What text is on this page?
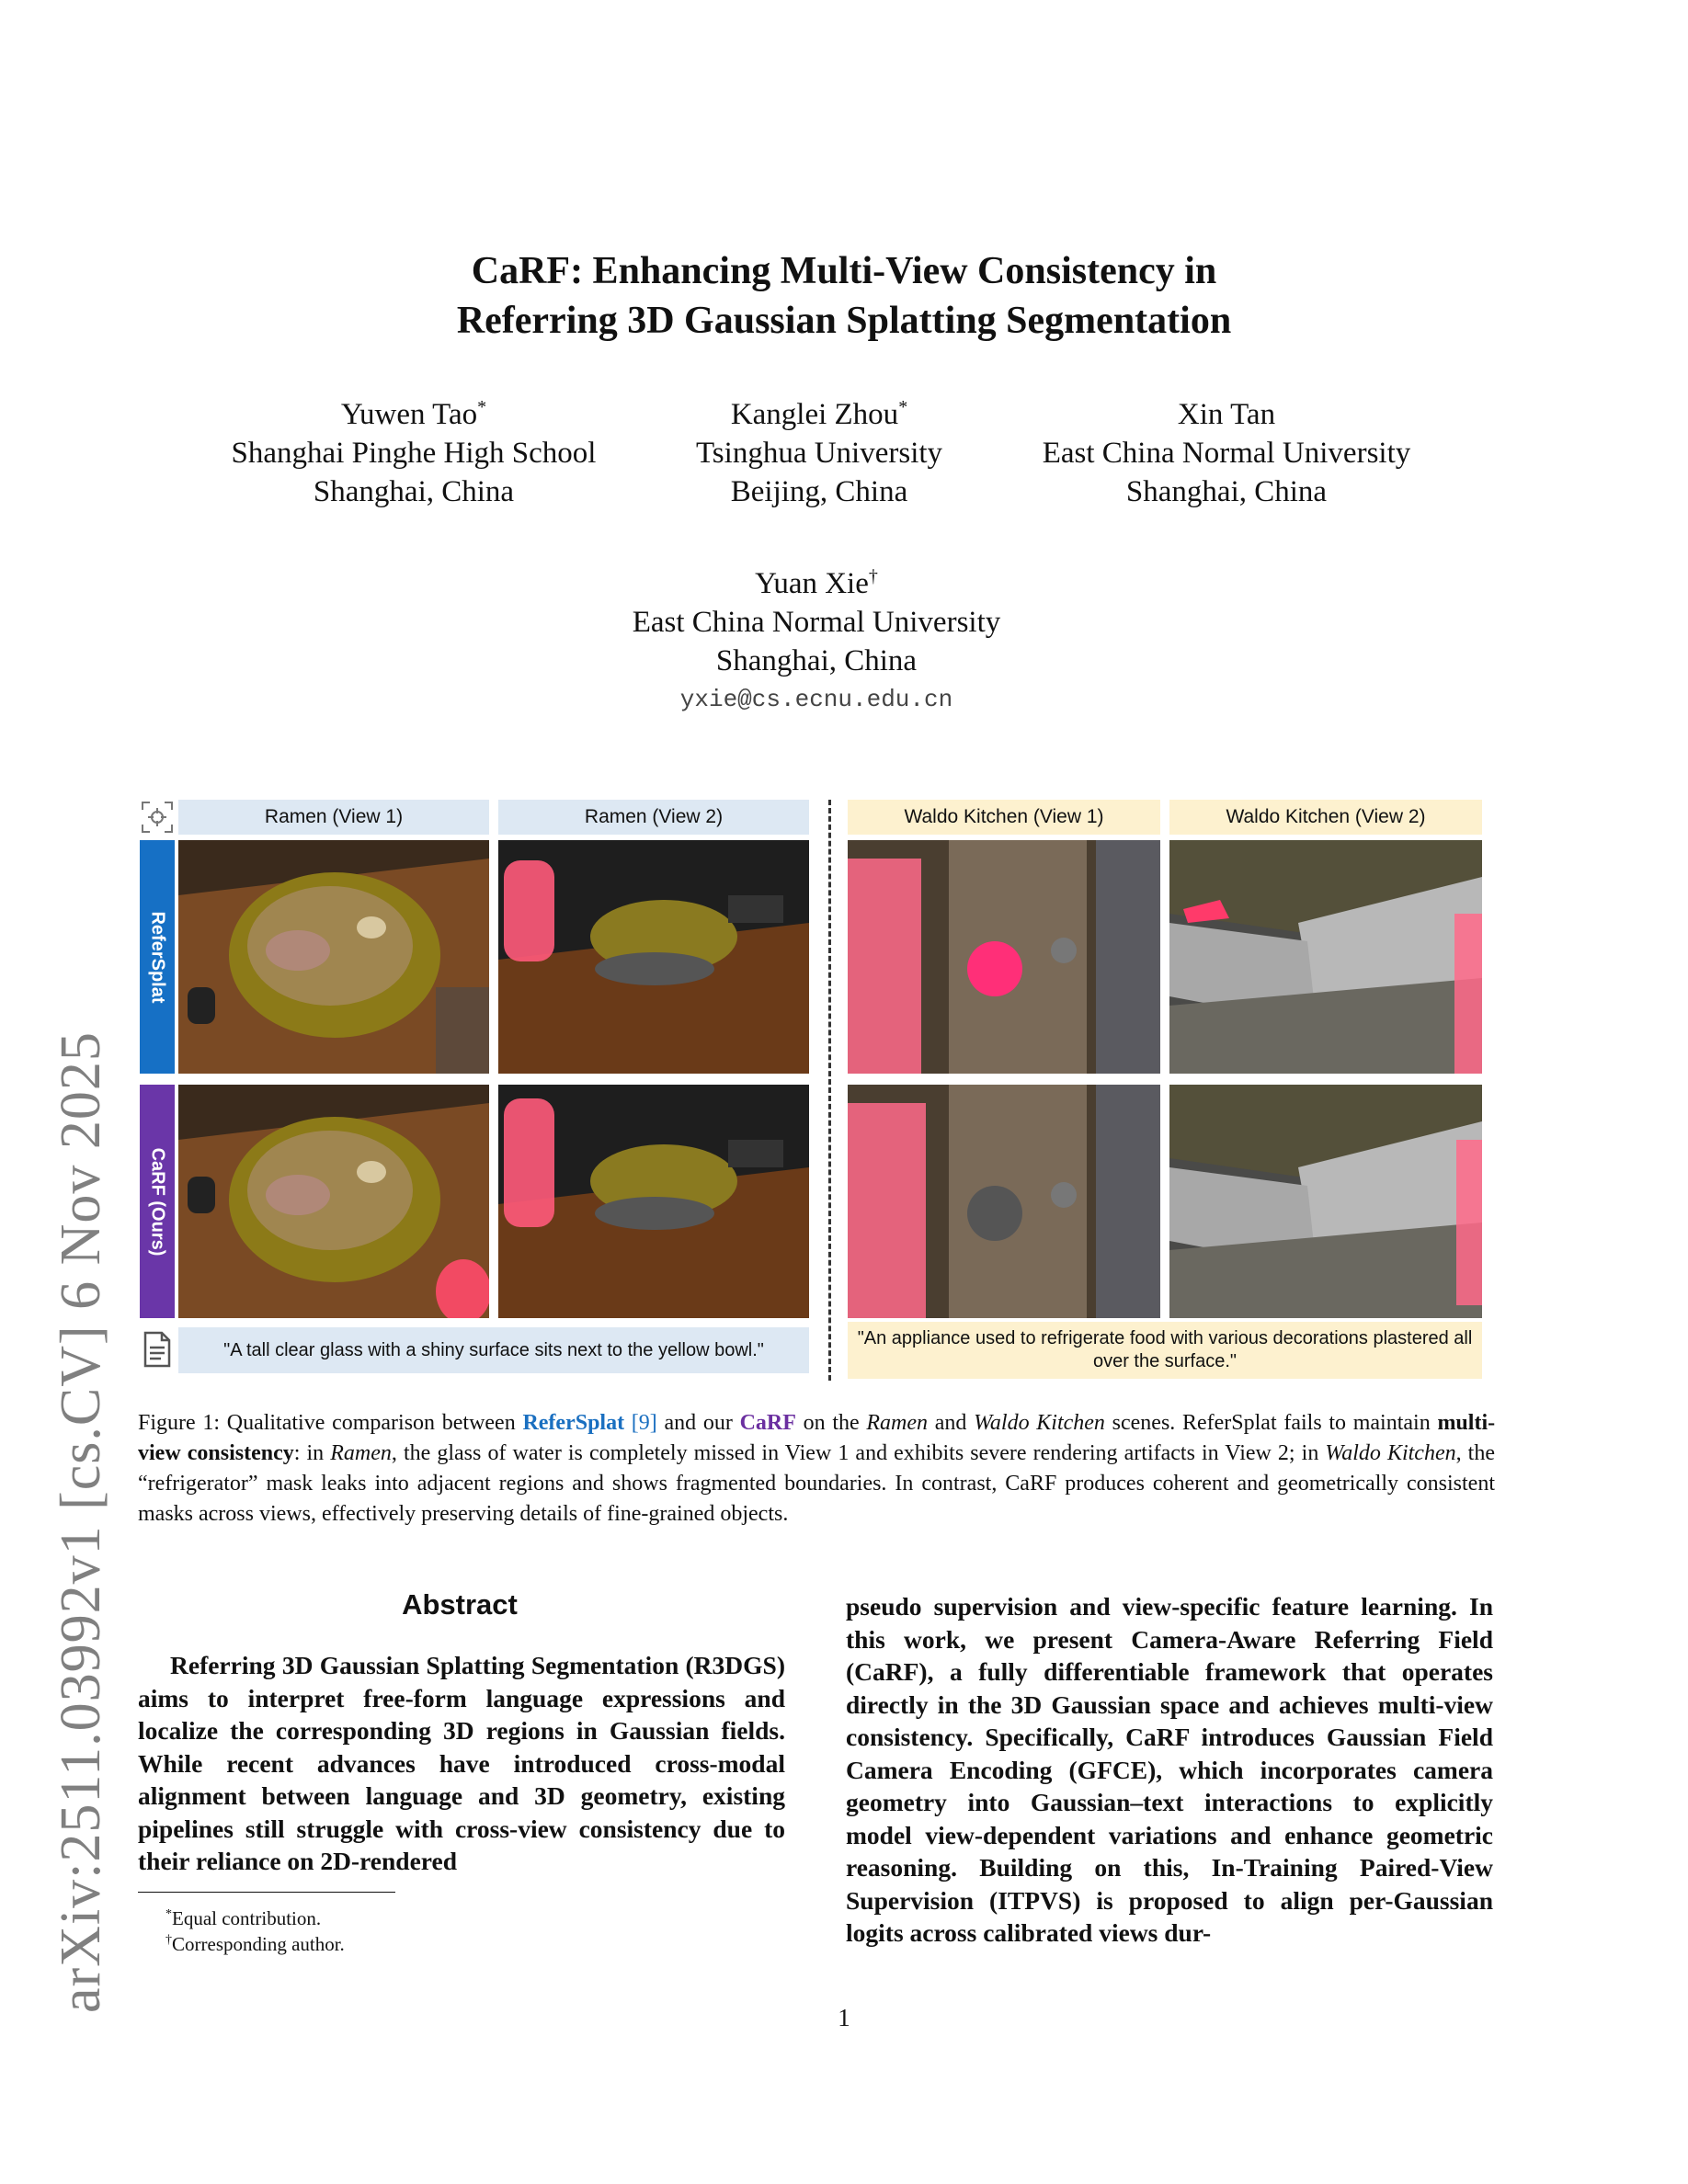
arXiv:2511.03992v1 [cs.CV] 6 Nov 2025
CaRF: Enhancing Multi-View Consistency in
Referring 3D Gaussian Splatting Segmentation
Yuwen Tao*
Shanghai Pinghe High School
Shanghai, China
Kanglei Zhou*
Tsinghua University
Beijing, China
Xin Tan
East China Normal University
Shanghai, China
Yuan Xie†
East China Normal University
Shanghai, China
yxie@cs.ecnu.edu.cn
Ramen (View 1)	Ramen (View 2)	Waldo Kitchen (View 1)	Waldo Kitchen (View 2)
ReferSplat
CaRF (Ours)
"A tall clear glass with a shiny surface sits next to the yellow bowl."
"An appliance used to refrigerate food with various decorations plastered all over the surface."
Figure 1: Qualitative comparison between ReferSplat [9] and our CaRF on the Ramen and Waldo Kitchen scenes. ReferSplat fails to maintain multi-view consistency: in Ramen, the glass of water is completely missed in View 1 and exhibits severe rendering artifacts in View 2; in Waldo Kitchen, the “refrigerator” mask leaks into adjacent regions and shows fragmented boundaries. In contrast, CaRF produces coherent and geometrically consistent masks across views, effectively preserving details of fine-grained objects.
Abstract
Referring 3D Gaussian Splatting Segmentation (R3DGS) aims to interpret free-form language expressions and localize the corresponding 3D regions in Gaussian fields. While recent advances have introduced cross-modal alignment between language and 3D geometry, existing pipelines still struggle with cross-view consistency due to their reliance on 2D-rendered
pseudo supervision and view-specific feature learning. In this work, we present Camera-Aware Referring Field (CaRF), a fully differentiable framework that operates directly in the 3D Gaussian space and achieves multi-view consistency. Specifically, CaRF introduces Gaussian Field Camera Encoding (GFCE), which incorporates camera geometry into Gaussian–text interactions to explicitly model view-dependent variations and enhance geometric reasoning. Building on this, In-Training Paired-View Supervision (ITPVS) is proposed to align per-Gaussian logits across calibrated views dur-
*Equal contribution.
†Corresponding author.
1
